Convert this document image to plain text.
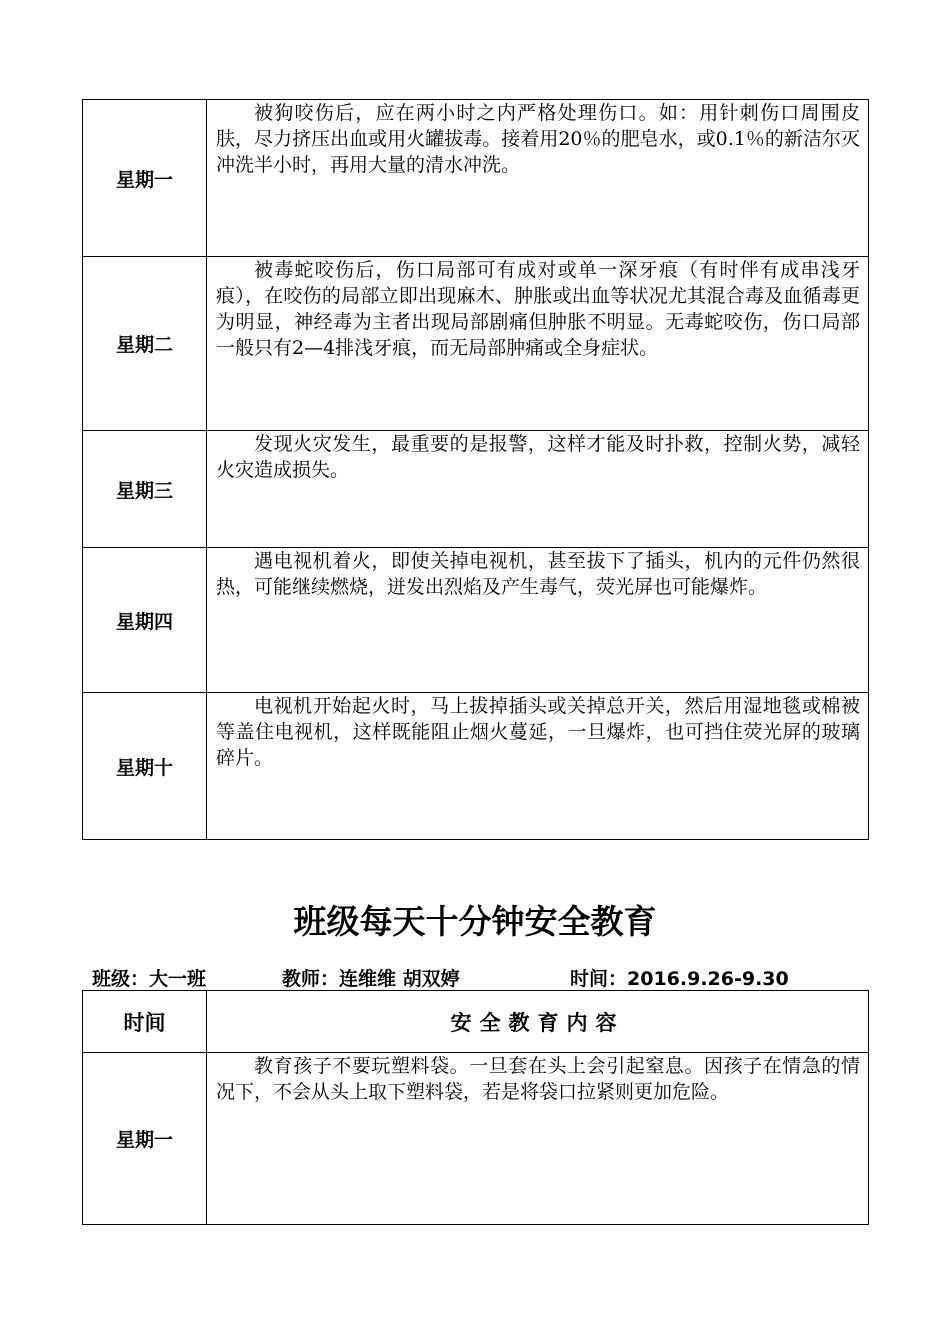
星期一	被狗咬伤后，应在两小时之内严格处理伤口。如：用针刺伤口周围皮肤，尽力挤压出血或用火罐拔毒。接着用20％的肥皂水，或0.1％的新洁尔灭冲洗半小时，再用大量的清水冲洗。

星期二	被毒蛇咬伤后，伤口局部可有成对或单一深牙痕（有时伴有成串浅牙痕），在咬伤的局部立即出现麻木、肿胀或出血等状况尤其混合毒及血循毒更为明显，神经毒为主者出现局部剧痛但肿胀不明显。无毒蛇咬伤，伤口局部一般只有2—4排浅牙痕，而无局部肿痛或全身症状。

星期三	发现火灾发生，最重要的是报警，这样才能及时扑救，控制火势，减轻火灾造成损失。

星期四	遇电视机着火，即使关掉电视机，甚至拔下了插头，机内的元件仍然很热，可能继续燃烧，迸发出烈焰及产生毒气，荧光屏也可能爆炸。

星期十	电视机开始起火时，马上拔掉插头或关掉总开关，然后用湿地毯或棉被等盖住电视机，这样既能阻止烟火蔓延，一旦爆炸，也可挡住荧光屏的玻璃碎片。

班级每天十分钟安全教育
班级：大一班	教师：连维维 胡双婷	时间：2016.9.26-9.30
时间	安全教育内容
星期一	教育孩子不要玩塑料袋。一旦套在头上会引起窒息。因孩子在情急的情况下，不会从头上取下塑料袋，若是将袋口拉紧则更加危险。
